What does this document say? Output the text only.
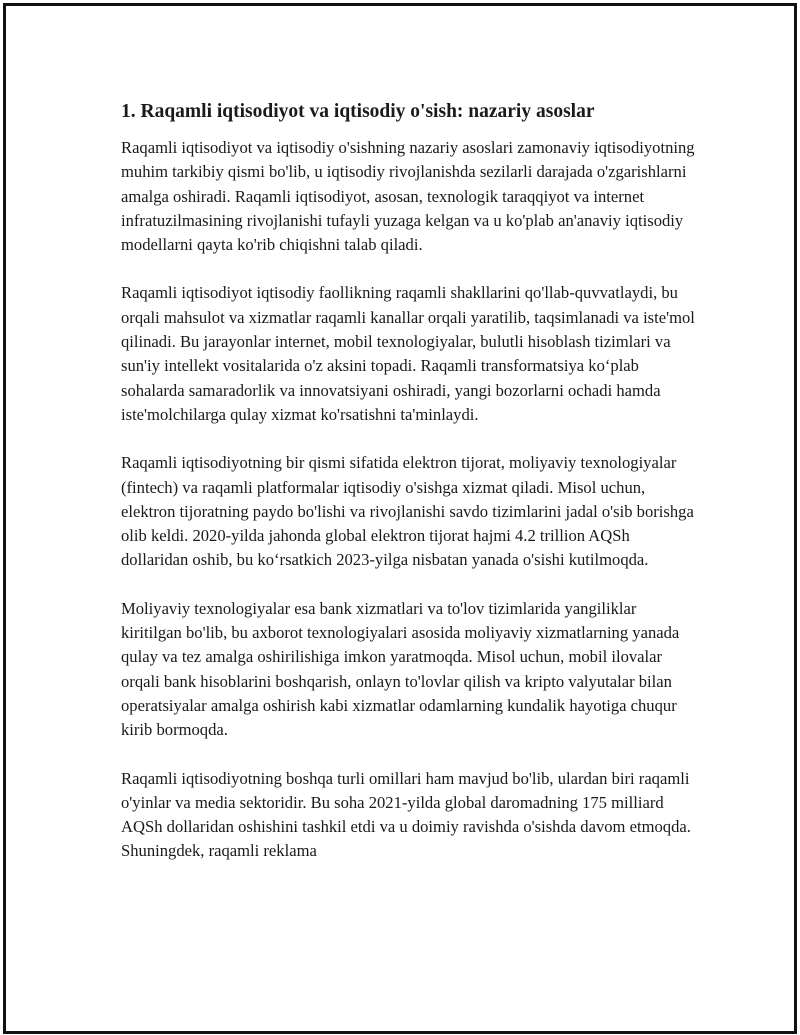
1. Raqamli iqtisodiyot va iqtisodiy o'sish: nazariy asoslar

Raqamli iqtisodiyot va iqtisodiy o'sishning nazariy asoslari zamonaviy iqtisodiyotning muhim tarkibiy qismi bo'lib, u iqtisodiy rivojlanishda sezilarli darajada o'zgarishlarni amalga oshiradi. Raqamli iqtisodiyot, asosan, texnologik taraqqiyot va internet infratuzilmasining rivojlanishi tufayli yuzaga kelgan va u ko'plab an'anaviy iqtisodiy modellarni qayta ko'rib chiqishni talab qiladi.

Raqamli iqtisodiyot iqtisodiy faollikning raqamli shakllarini qo'llab-quvvatlaydi, bu orqali mahsulot va xizmatlar raqamli kanallar orqali yaratilib, taqsimlanadi va iste'mol qilinadi. Bu jarayonlar internet, mobil texnologiyalar, bulutli hisoblash tizimlari va sun'iy intellekt vositalarida o'z aksini topadi. Raqamli transformatsiya ko‘plab sohalarda samaradorlik va innovatsiyani oshiradi, yangi bozorlarni ochadi hamda iste'molchilarga qulay xizmat ko'rsatishni ta'minlaydi.

Raqamli iqtisodiyotning bir qismi sifatida elektron tijorat, moliyaviy texnologiyalar (fintech) va raqamli platformalar iqtisodiy o'sishga xizmat qiladi. Misol uchun, elektron tijoratning paydo bo'lishi va rivojlanishi savdo tizimlarini jadal o'sib borishga olib keldi. 2020-yilda jahonda global elektron tijorat hajmi 4.2 trillion AQSh dollaridan oshib, bu ko‘rsatkich 2023-yilga nisbatan yanada o'sishi kutilmoqda.

Moliyaviy texnologiyalar esa bank xizmatlari va to'lov tizimlarida yangiliklar kiritilgan bo'lib, bu axborot texnologiyalari asosida moliyaviy xizmatlarning yanada qulay va tez amalga oshirilishiga imkon yaratmoqda. Misol uchun, mobil ilovalar orqali bank hisoblarini boshqarish, onlayn to'lovlar qilish va kripto valyutalar bilan operatsiyalar amalga oshirish kabi xizmatlar odamlarning kundalik hayotiga chuqur kirib bormoqda.

Raqamli iqtisodiyotning boshqa turli omillari ham mavjud bo'lib, ulardan biri raqamli o'yinlar va media sektoridir. Bu soha 2021-yilda global daromadning 175 milliard AQSh dollaridan oshishini tashkil etdi va u doimiy ravishda o'sishda davom etmoqda. Shuningdek, raqamli reklama
